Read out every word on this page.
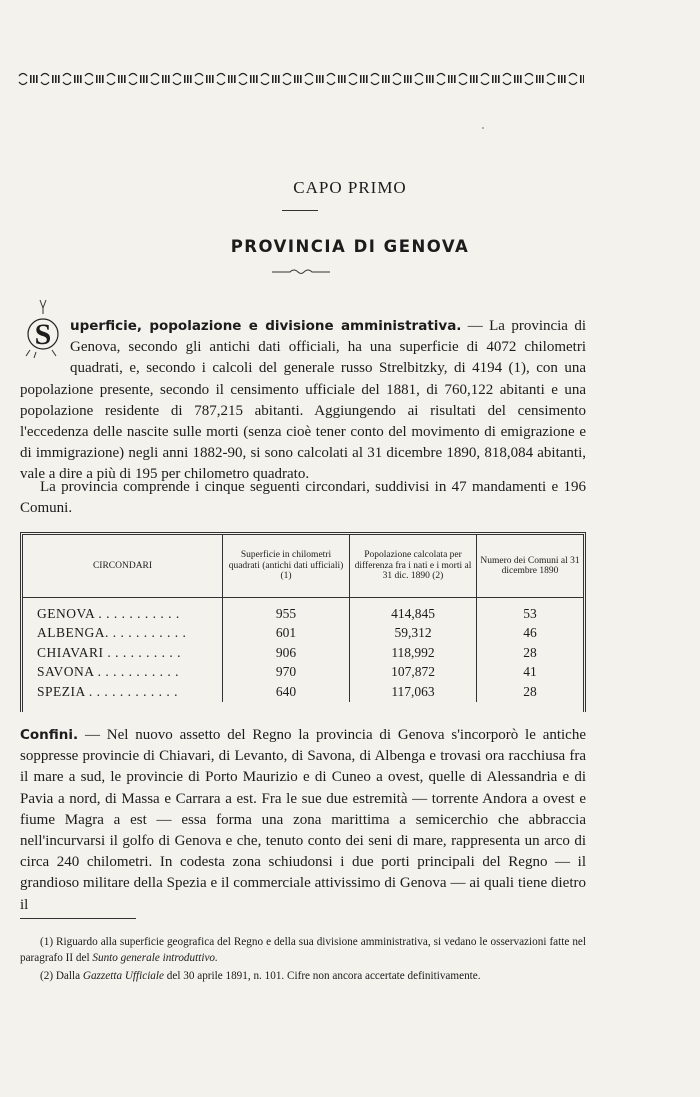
CAPO PRIMO
PROVINCIA DI GENOVA
S uperficie, popolazione e divisione amministrativa. — La provincia di Genova, secondo gli antichi dati officiali, ha una superficie di 4072 chilometri quadrati, e, secondo i calcoli del generale russo Strelbitzky, di 4194 (1), con una popolazione presente, secondo il censimento ufficiale del 1881, di 760,122 abitanti e una popolazione residente di 787,215 abitanti. Aggiungendo ai risultati del censimento l'eccedenza delle nascite sulle morti (senza cioè tener conto del movimento di emigrazione e di immigrazione) negli anni 1882-90, si sono calcolati al 31 dicembre 1890, 818,084 abitanti, vale a dire a più di 195 per chilometro quadrato.
La provincia comprende i cinque seguenti circondari, suddivisi in 47 mandamenti e 196 Comuni.
CIRCONDARI	Superficie in chilometri quadrati (antichi dati ufficiali) (1)	Popolazione calcolata per differenza fra i nati e i morti al 31 dic. 1890 (2)	Numero dei Comuni al 31 dicembre 1890
GENOVA . . . . . . . . . . .	955	414,845	53
ALBENGA. . . . . . . . . . .	601	59,312	46
CHIAVARI . . . . . . . . . .	906	118,992	28
SAVONA . . . . . . . . . . .	970	107,872	41
SPEZIA . . . . . . . . . . . .	640	117,063	28
Confini. — Nel nuovo assetto del Regno la provincia di Genova s'incorporò le antiche soppresse provincie di Chiavari, di Levanto, di Savona, di Albenga e trovasi ora racchiusa fra il mare a sud, le provincie di Porto Maurizio e di Cuneo a ovest, quelle di Alessandria e di Pavia a nord, di Massa e Carrara a est. Fra le sue due estremità — torrente Andora a ovest e fiume Magra a est — essa forma una zona marittima a semicerchio che abbraccia nell'incurvarsi il golfo di Genova e che, tenuto conto dei seni di mare, rappresenta un arco di circa 240 chilometri. In codesta zona schiudonsi i due porti principali del Regno — il grandioso militare della Spezia e il commerciale attivissimo di Genova — ai quali tiene dietro il

(1) Riguardo alla superficie geografica del Regno e della sua divisione amministrativa, si vedano le osservazioni fatte nel paragrafo II del Sunto generale introduttivo.

(2) Dalla Gazzetta Ufficiale del 30 aprile 1891, n. 101. Cifre non ancora accertate definitivamente.
